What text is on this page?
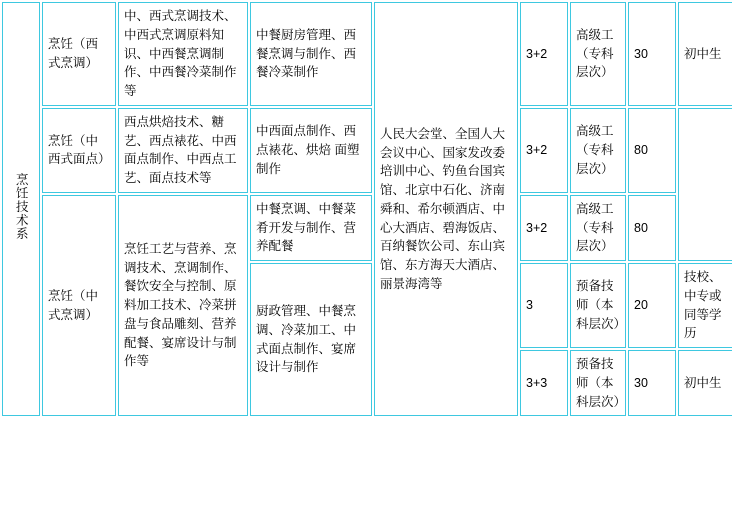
烹饪技术系	烹饪（西式烹调）	中、西式烹调技术、中西式烹调原料知识、中西餐烹调制作、中西餐冷菜制作等	中餐厨房管理、西餐烹调与制作、西餐冷菜制作	人民大会堂、全国人大会议中心、国家发改委培训中心、钓鱼台国宾馆、北京中石化、济南舜和、希尔顿酒店、中心大酒店、碧海饭店、百纳餐饮公司、东山宾馆、东方海天大酒店、丽景海湾等	3+2	高级工（专科层次）	30	初中生
	烹饪（中西式面点）	西点烘焙技术、糖艺、西点裱花、中西面点制作、中西点工艺、面点技术等	中西面点制作、西点裱花、烘焙 面塑制作		3+2	高级工（专科层次）	80	
	烹饪（中式烹调）	烹饪工艺与营养、烹调技术、烹调制作、餐饮安全与控制、原料加工技术、冷菜拼盘与食品雕刻、营养配餐、宴席设计与制作等	中餐烹调、中餐菜肴开发与制作、营养配餐		3+2	高级工（专科层次）	80	
			厨政管理、中餐烹调、冷菜加工、中式面点制作、宴席设计与制作		3	预备技师（本科层次）	20	技校、中专或同等学历
					3+3	预备技师（本科层次）	30	初中生
